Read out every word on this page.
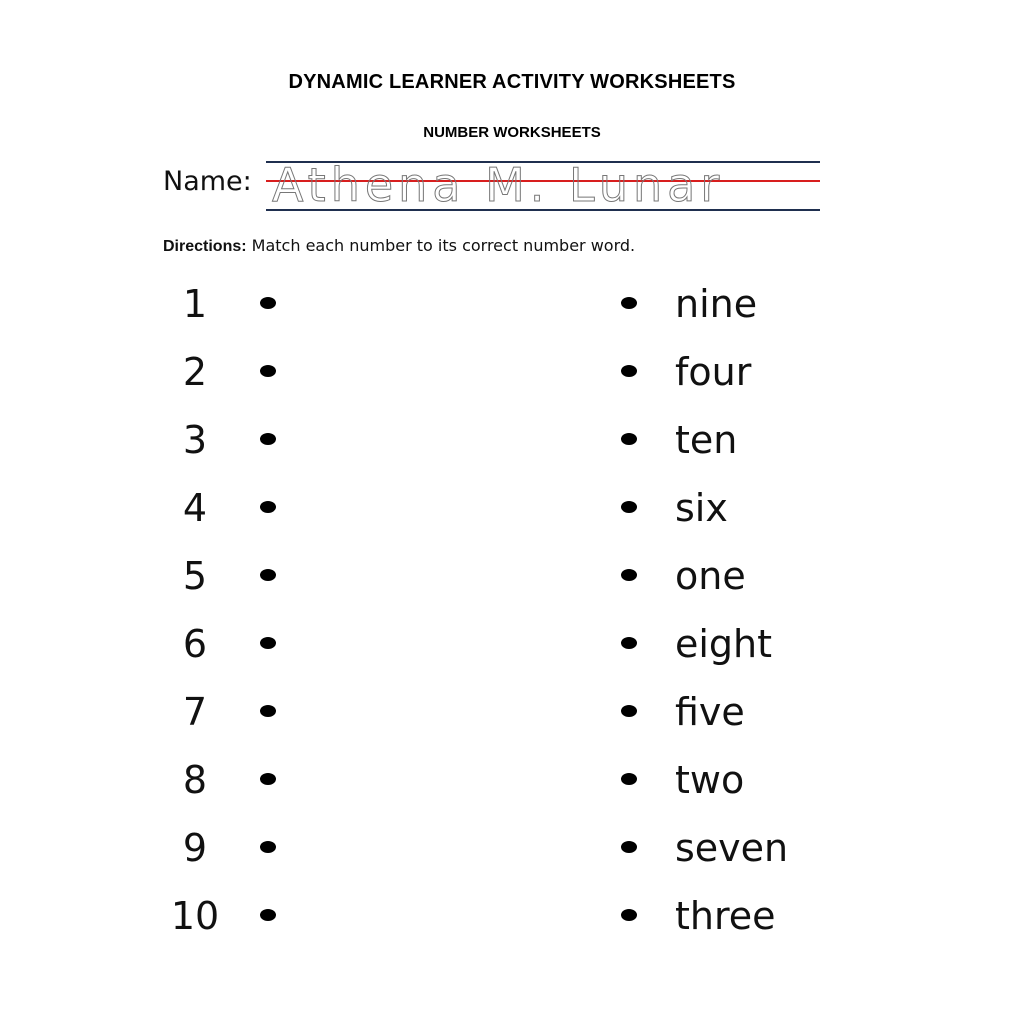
DYNAMIC LEARNER ACTIVITY WORKSHEETS
NUMBER WORKSHEETS
Name: Athena M. Lunar
Directions: Match each number to its correct number word.
1	nine
2	four
3	ten
4	six
5	one
6	eight
7	five
8	two
9	seven
10	three
